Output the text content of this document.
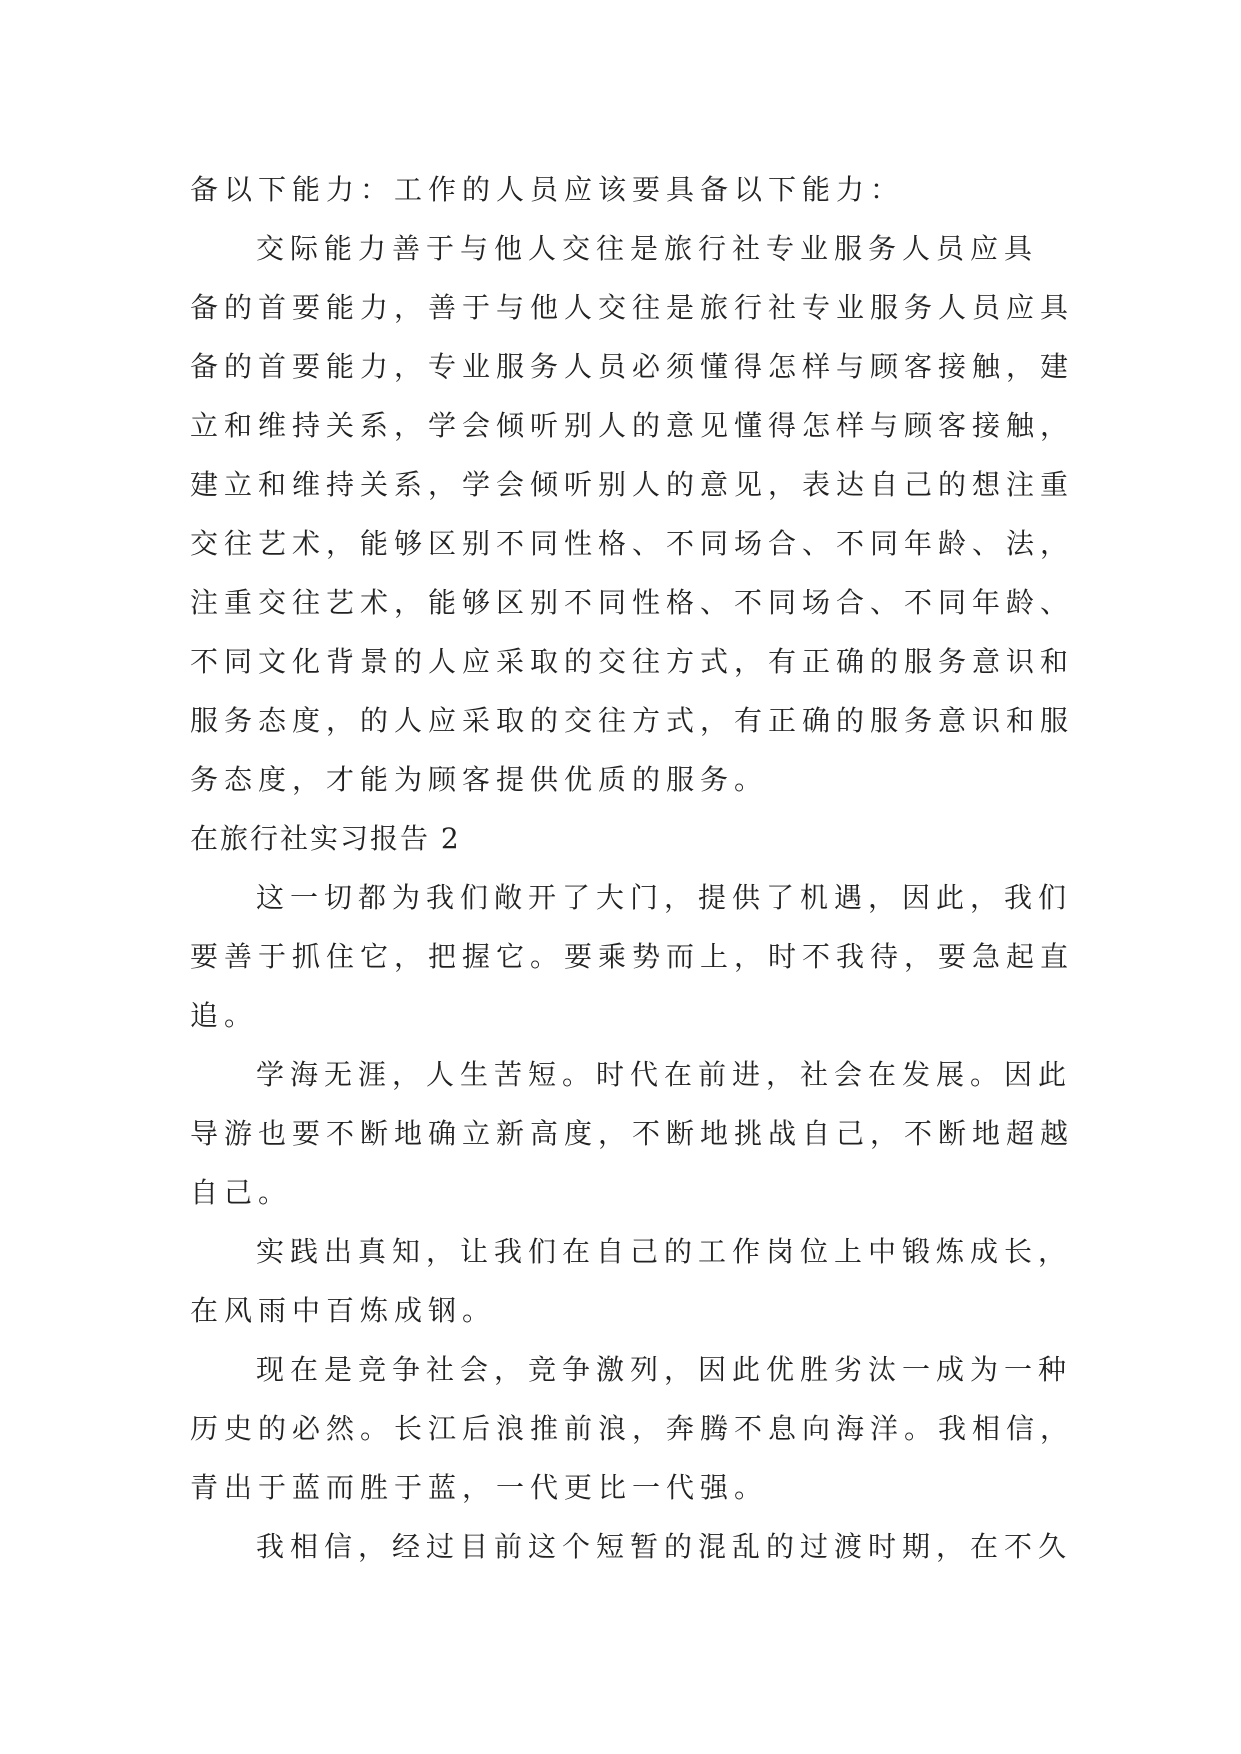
备以下能力：工作的人员应该要具备以下能力：
交际能力善于与他人交往是旅行社专业服务人员应具
备的首要能力，善于与他人交往是旅行社专业服务人员应具
备的首要能力，专业服务人员必须懂得怎样与顾客接触，建
立和维持关系，学会倾听别人的意见懂得怎样与顾客接触，
建立和维持关系，学会倾听别人的意见，表达自己的想注重
交往艺术，能够区别不同性格、不同场合、不同年龄、法，
注重交往艺术，能够区别不同性格、不同场合、不同年龄、
不同文化背景的人应采取的交往方式，有正确的服务意识和
服务态度，的人应采取的交往方式，有正确的服务意识和服
务态度，才能为顾客提供优质的服务。
在旅行社实习报告 2
这一切都为我们敞开了大门，提供了机遇，因此，我们
要善于抓住它，把握它。要乘势而上，时不我待，要急起直
追。
学海无涯，人生苦短。时代在前进，社会在发展。因此
导游也要不断地确立新高度，不断地挑战自己，不断地超越
自己。
实践出真知，让我们在自己的工作岗位上中锻炼成长，
在风雨中百炼成钢。
现在是竞争社会，竞争激列，因此优胜劣汰一成为一种
历史的必然。长江后浪推前浪，奔腾不息向海洋。我相信，
青出于蓝而胜于蓝，一代更比一代强。
我相信，经过目前这个短暂的混乱的过渡时期，在不久
